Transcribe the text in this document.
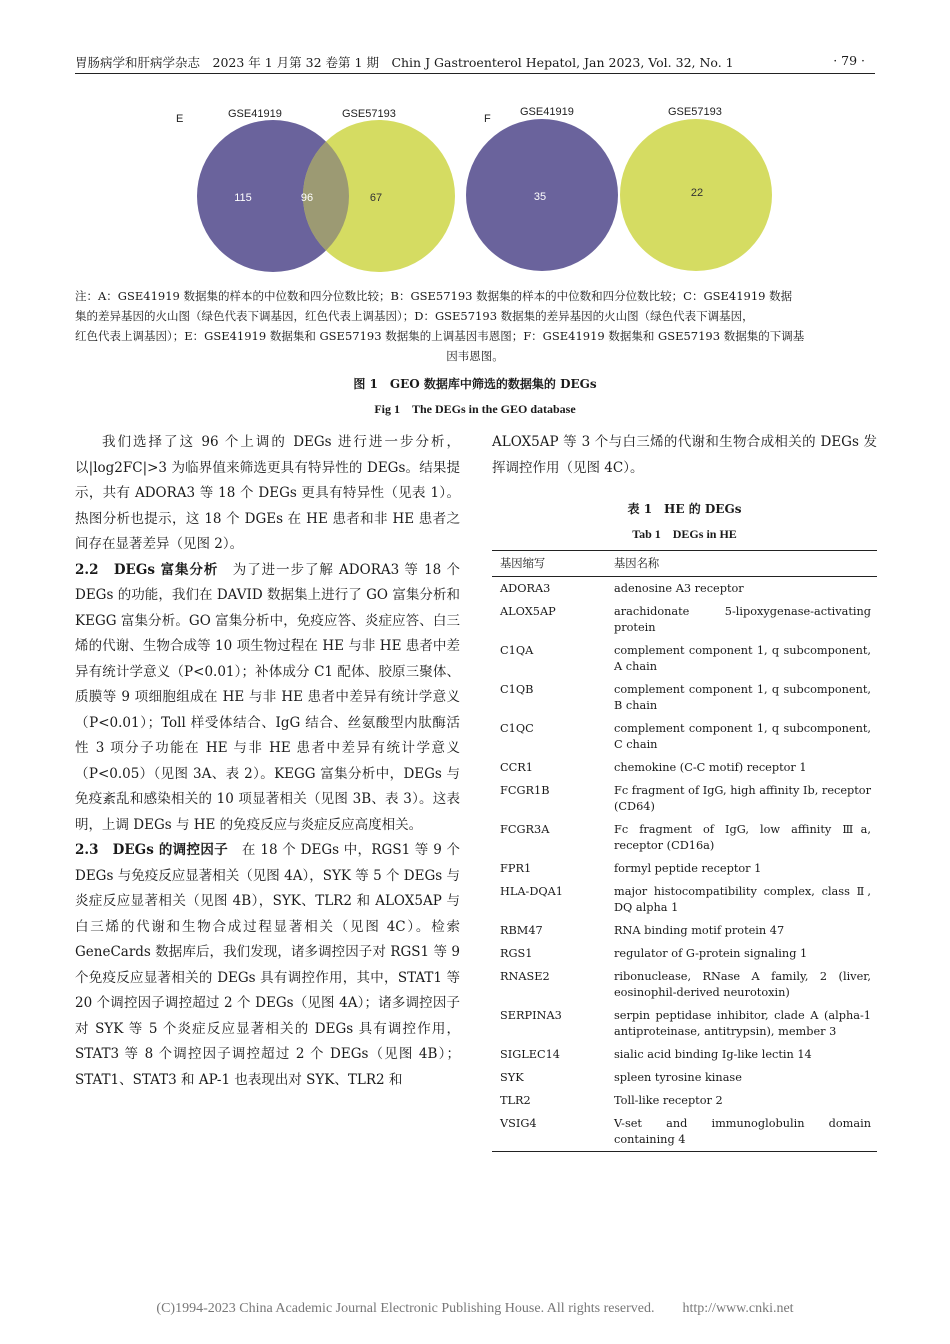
胃肠病学和肝病学杂志　2023 年 1 月第 32 卷第 1 期　Chin J Gastroenterol Hepatol, Jan 2023, Vol. 32, No. 1	· 79 ·
E	GSE41919	GSE57193
115	96	67
F
GSE41919	GSE57193
35	22

注：A：GSE41919 数据集的样本的中位数和四分位数比较；B：GSE57193 数据集的样本的中位数和四分位数比较；C：GSE41919 数据

集的差异基因的火山图（绿色代表下调基因，红色代表上调基因）；D：GSE57193 数据集的差异基因的火山图（绿色代表下调基因，

红色代表上调基因）；E：GSE41919 数据集和 GSE57193 数据集的上调基因韦恩图；F：GSE41919 数据集和 GSE57193 数据集的下调基

因韦恩图。

图 1　GEO 数据库中筛选的数据集的 DEGs
Fig 1　The DEGs in the GEO database

我们选择了这 96 个上调的 DEGs 进行进一步分析，以|log2FC|>3 为临界值来筛选更具有特异性的 DEGs。结果提示，共有 ADORA3 等 18 个 DEGs 更具有特异性（见表 1）。热图分析也提示，这 18 个 DGEs 在 HE 患者和非 HE 患者之间存在显著差异（见图 2）。

2.2　DEGs 富集分析　为了进一步了解 ADORA3 等 18 个 DEGs 的功能，我们在 DAVID 数据集上进行了 GO 富集分析和 KEGG 富集分析。GO 富集分析中，免疫应答、炎症应答、白三烯的代谢、生物合成等 10 项生物过程在 HE 与非 HE 患者中差异有统计学意义（P<0.01）；补体成分 C1 配体、胶原三聚体、质膜等 9 项细胞组成在 HE 与非 HE 患者中差异有统计学意义（P<0.01）；Toll 样受体结合、IgG 结合、丝氨酸型内肽酶活性 3 项分子功能在 HE 与非 HE 患者中差异有统计学意义（P<0.05）（见图 3A、表 2）。KEGG 富集分析中，DEGs 与免疫紊乱和感染相关的 10 项显著相关（见图 3B、表 3）。这表明，上调 DEGs 与 HE 的免疫反应与炎症反应高度相关。

2.3　DEGs 的调控因子　在 18 个 DEGs 中，RGS1 等 9 个 DEGs 与免疫反应显著相关（见图 4A），SYK 等 5 个 DEGs 与炎症反应显著相关（见图 4B），SYK、TLR2 和 ALOX5AP 与白三烯的代谢和生物合成过程显著相关（见图 4C）。检索 GeneCards 数据库后，我们发现，诸多调控因子对 RGS1 等 9 个免疫反应显著相关的 DEGs 具有调控作用，其中，STAT1 等 20 个调控因子调控超过 2 个 DEGs（见图 4A）；诸多调控因子对 SYK 等 5 个炎症反应显著相关的 DEGs 具有调控作用，STAT3 等 8 个调控因子调控超过 2 个 DEGs（见图 4B）；STAT1、STAT3 和 AP-1 也表现出对 SYK、TLR2 和

ALOX5AP 等 3 个与白三烯的代谢和生物合成相关的 DEGs 发挥调控作用（见图 4C）。

表 1　HE 的 DEGs
Tab 1　DEGs in HE
基因缩写	基因名称
ADORA3	adenosine A3 receptor
ALOX5AP	arachidonate 5-lipoxygenase-activating protein
C1QA	complement component 1, q subcomponent, A chain
C1QB	complement component 1, q subcomponent, B chain
C1QC	complement component 1, q subcomponent, C chain
CCR1	chemokine (C-C motif) receptor 1
FCGR1B	Fc fragment of IgG, high affinity Ib, receptor (CD64)
FCGR3A	Fc fragment of IgG, low affinity Ⅲa, receptor (CD16a)
FPR1	formyl peptide receptor 1
HLA-DQA1	major histocompatibility complex, class Ⅱ, DQ alpha 1
RBM47	RNA binding motif protein 47
RGS1	regulator of G-protein signaling 1
RNASE2	ribonuclease, RNase A family, 2 (liver, eosinophil-derived neurotoxin)
SERPINA3	serpin peptidase inhibitor, clade A (alpha-1 antiproteinase, antitrypsin), member 3
SIGLEC14	sialic acid binding Ig-like lectin 14
SYK	spleen tyrosine kinase
TLR2	Toll-like receptor 2
VSIG4	V-set and immunoglobulin domain containing 4
(C)1994-2023 China Academic Journal Electronic Publishing House. All rights reserved.　　http://www.cnki.net
